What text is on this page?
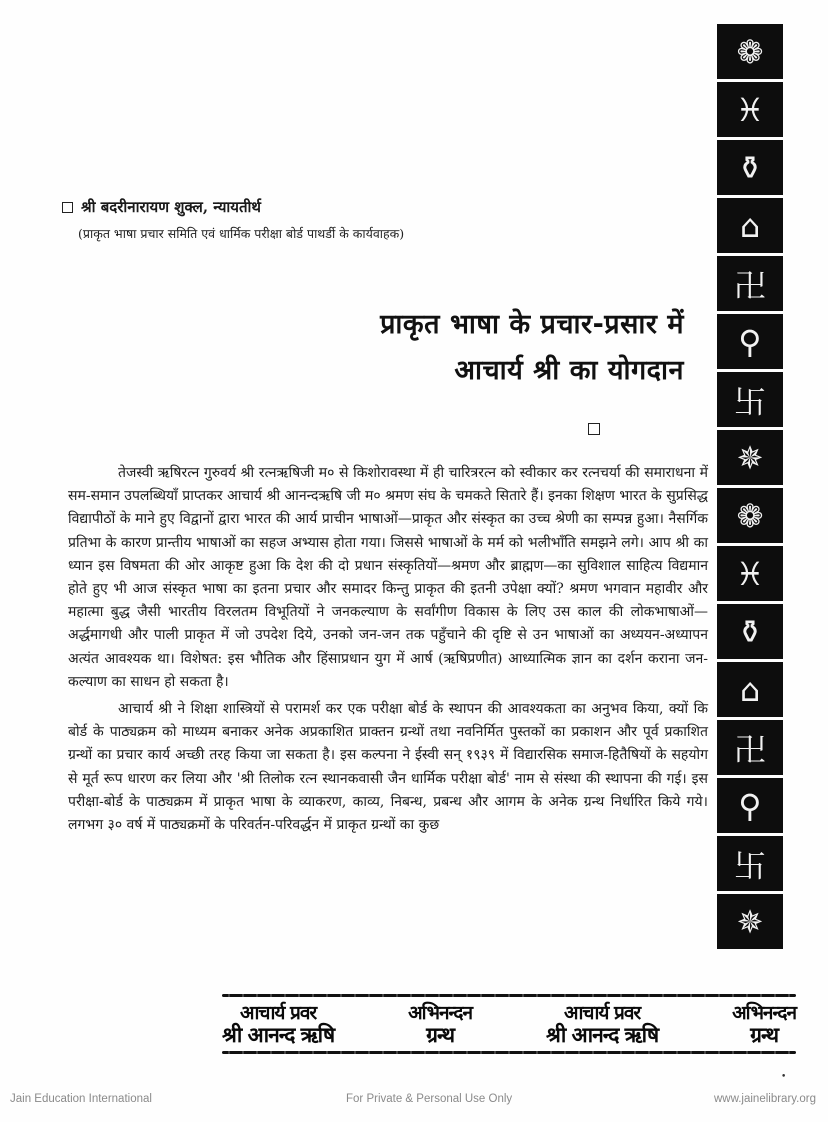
श्री बदरीनारायण शुक्ल, न्यायतीर्थ
(प्राकृत भाषा प्रचार समिति एवं धार्मिक परीक्षा बोर्ड पाथर्डी के कार्यवाहक)
प्राकृत भाषा के प्रचार-प्रसार में
आचार्य श्री का योगदान

तेजस्वी ऋषिरत्न गुरुवर्य श्री रत्नऋषिजी म० से किशोरावस्था में ही चारित्ररत्न को स्वीकार कर रत्नचर्या की समाराधना में सम-समान उपलब्धियाँ प्राप्तकर आचार्य श्री आनन्दऋषि जी म० श्रमण संघ के चमकते सितारे हैं। इनका शिक्षण भारत के सुप्रसिद्ध विद्यापीठों के माने हुए विद्वानों द्वारा भारत की आर्य प्राचीन भाषाओं—प्राकृत और संस्कृत का उच्च श्रेणी का सम्पन्न हुआ। नैसर्गिक प्रतिभा के कारण प्रान्तीय भाषाओं का सहज अभ्यास होता गया। जिससे भाषाओं के मर्म को भलीभाँति समझने लगे। आप श्री का ध्यान इस विषमता की ओर आकृष्ट हुआ कि देश की दो प्रधान संस्कृतियों—श्रमण और ब्राह्मण—का सुविशाल साहित्य विद्यमान होते हुए भी आज संस्कृत भाषा का इतना प्रचार और समादर किन्तु प्राकृत की इतनी उपेक्षा क्यों? श्रमण भगवान महावीर और महात्मा बुद्ध जैसी भारतीय विरलतम विभूतियों ने जनकल्याण के सर्वांगीण विकास के लिए उस काल की लोकभाषाओं—अर्द्धमागधी और पाली प्राकृत में जो उपदेश दिये, उनको जन-जन तक पहुँचाने की दृष्टि से उन भाषाओं का अध्ययन-अध्यापन अत्यंत आवश्यक था। विशेषत: इस भौतिक और हिंसाप्रधान युग में आर्ष (ऋषिप्रणीत) आध्यात्मिक ज्ञान का दर्शन कराना जन-कल्याण का साधन हो सकता है।

आचार्य श्री ने शिक्षा शास्त्रियों से परामर्श कर एक परीक्षा बोर्ड के स्थापन की आवश्यकता का अनुभव किया, क्यों कि बोर्ड के पाठ्यक्रम को माध्यम बनाकर अनेक अप्रकाशित प्राक्तन ग्रन्थों तथा नवनिर्मित पुस्तकों का प्रकाशन और पूर्व प्रकाशित ग्रन्थों का प्रचार कार्य अच्छी तरह किया जा सकता है। इस कल्पना ने ईस्वी सन् १९३९ में विद्यारसिक समाज-हितैषियों के सहयोग से मूर्त रूप धारण कर लिया और 'श्री तिलोक रत्न स्थानकवासी जैन धार्मिक परीक्षा बोर्ड' नाम से संस्था की स्थापना की गई। इस परीक्षा-बोर्ड के पाठ्यक्रम में प्राकृत भाषा के व्याकरण, काव्य, निबन्ध, प्रबन्ध और आगम के अनेक ग्रन्थ निर्धारित किये गये। लगभग ३० वर्ष में पाठ्यक्रमों के परिवर्तन-परिवर्द्धन में प्राकृत ग्रन्थों का कुछ

❁
♓
⚱
⌂
卍
⚲
卐
✵
❁
♓
⚱
⌂
卍
⚲
卐
✵
आचार्य प्रवर
श्री आनन्द ऋषि
अभिनन्दन
ग्रन्थ
आचार्य प्रवर
श्री आनन्द ऋषि
अभिनन्दन
ग्रन्थ
•
Jain Education International	For Private & Personal Use Only	www.jainelibrary.org
